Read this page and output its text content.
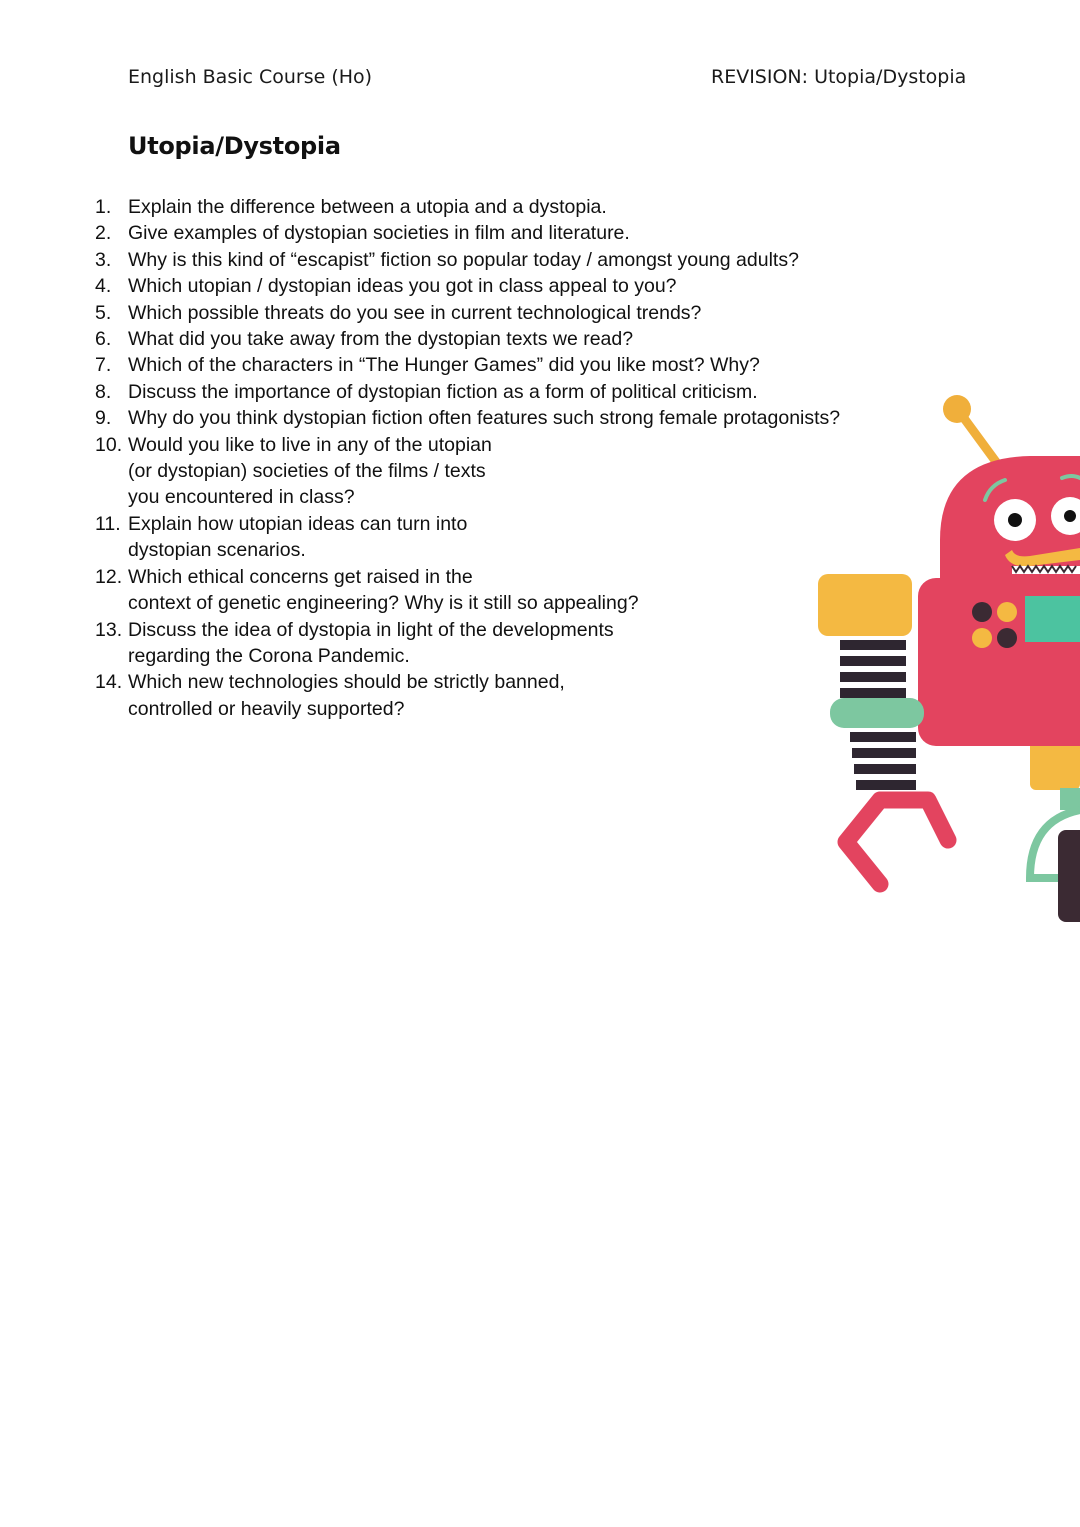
English Basic Course (Ho)	REVISION: Utopia/Dystopia
Utopia/Dystopia
1. Explain the difference between a utopia and a dystopia.
2. Give examples of dystopian societies in film and literature.
3. Why is this kind of “escapist” fiction so popular today / amongst young adults?
4. Which utopian / dystopian ideas you got in class appeal to you?
5. Which possible threats do you see in current technological trends?
6. What did you take away from the dystopian texts we read?
7. Which of the characters in “The Hunger Games” did you like most? Why?
8. Discuss the importance of dystopian fiction as a form of political criticism.
9. Why do you think dystopian fiction often features such strong female protagonists?
10. Would you like to live in any of the utopian
(or dystopian) societies of the films / texts
you encountered in class?
11. Explain how utopian ideas can turn into
dystopian scenarios.
12. Which ethical concerns get raised in the
context of genetic engineering? Why is it still so appealing?
13. Discuss the idea of dystopia in light of the developments
regarding the Corona Pandemic.
14. Which new technologies should be strictly banned,
controlled or heavily supported?
